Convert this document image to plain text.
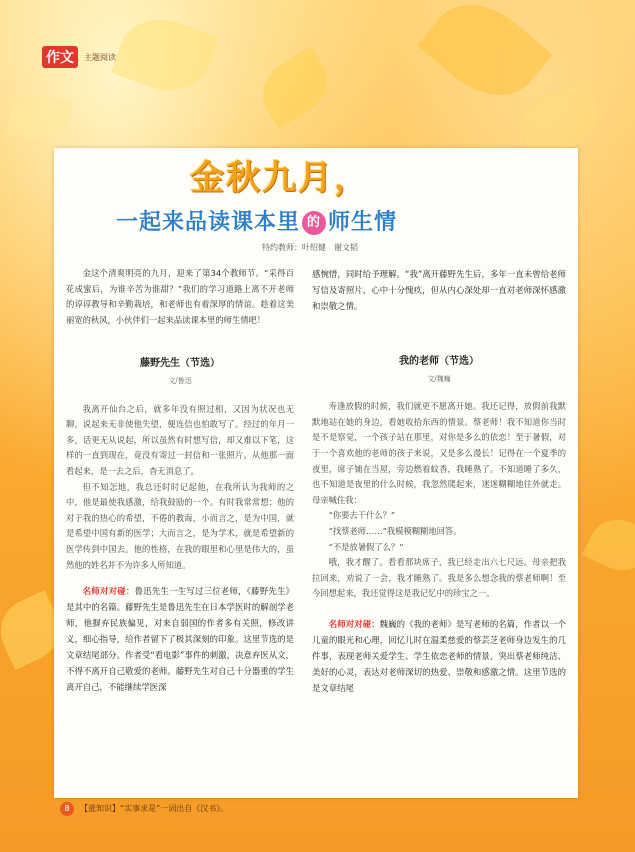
作文	主题阅读
金秋九月，
一起来品读课本里 的 师生情
特约教师：叶绍健　谢文韬

金这个清爽明亮的九月，迎来了第34个教师节。“采得百花成蜜后，为谁辛苦为谁甜？”我们的学习道路上离不开老师的谆谆教导和辛勤栽培，和老师也有着深厚的情谊。趁着这美丽宽的秋风，小伙伴们一起来品读课本里的师生情吧！

藤野先生（节选）
文/鲁迅

我离开仙台之后，就多年没有照过相，又因为状况也无聊，说起来无非使他失望，便连信也怕敢写了。经过的年月一多，话更无从说起，所以虽然有时想写信，却又难以下笔，这样的一直到现在，竟没有寄过一封信和一张照片。从他那一面看起来，是一去之后，杳无消息了。

但不知怎地，我总还时时记起他，在我所认为我师的之中，他是最使我感激，给我鼓励的一个。有时我常常想：他的对于我的热心的希望，不倦的教诲，小而言之，是为中国，就是希望中国有新的医学；大而言之，是为学术，就是希望新的医学传到中国去。他的性格，在我的眼里和心里是伟大的，虽然他的姓名并不为许多人所知道。

名师对对碰：鲁迅先生一生写过三位老师，《藤野先生》是其中的名篇。藤野先生是鲁迅先生在日本学医时的解剖学老师，他摒弃民族偏见，对来自弱国的作者多有关照，修改讲义，细心指导，给作者留下了极其深刻的印象。这里节选的是文章结尾部分。作者受“看电影”事件的刺激，决意弃医从文，不得不离开自己敬爱的老师。藤野先生对自己十分器重的学生离开自己，不能继续学医深
感惋惜，同时给予理解。“我”离开藤野先生后，多年一直未曾给老师写信及寄照片，心中十分愧疚，但从内心深处却一直对老师深怀感激和崇敬之情。
我的老师（节选）
文/魏巍

寿逢放假的时候，我们就更不愿离开她。我还记得，放假前我默默地站在她的身边，看她收拾东西的情景。蔡老师！我不知道你当时是不是察觉，一个孩子站在那里，对你是多么的依恋！至于暑假，对于一个喜欢他的老师的孩子来说，又是多么漫长！记得在一个夏季的夜里，席子铺在当屋，旁边燃着蚊香，我睡熟了。不知道睡了多久，也不知道是夜里的什么时候，我忽然爬起来，迷迷糊糊地往外就走。母亲喊住我：

“你要去干什么？”

“找蔡老师……”我模模糊糊地回答。

“不是放暑假了么？”

哦，我才醒了。看看那块席子，我已经走出六七尺远。母亲把我拉回来，劝说了一会，我才睡熟了。我是多么想念我的蔡老师啊！至今回想起来，我还觉得这是我记忆中的珍宝之一。

名师对对碰：魏巍的《我的老师》是写老师的名篇，作者以一个儿童的眼光和心理，回忆儿时在温柔慈爱的蔡芸芝老师身边发生的几件事，表现老师关爱学生、学生依恋老师的情景，突出蔡老师纯洁、美好的心灵，表达对老师深切的热爱、崇敬和感激之情。这里节选的是文章结尾
8 【涨知识】“实事求是”一词出自《汉书》。
